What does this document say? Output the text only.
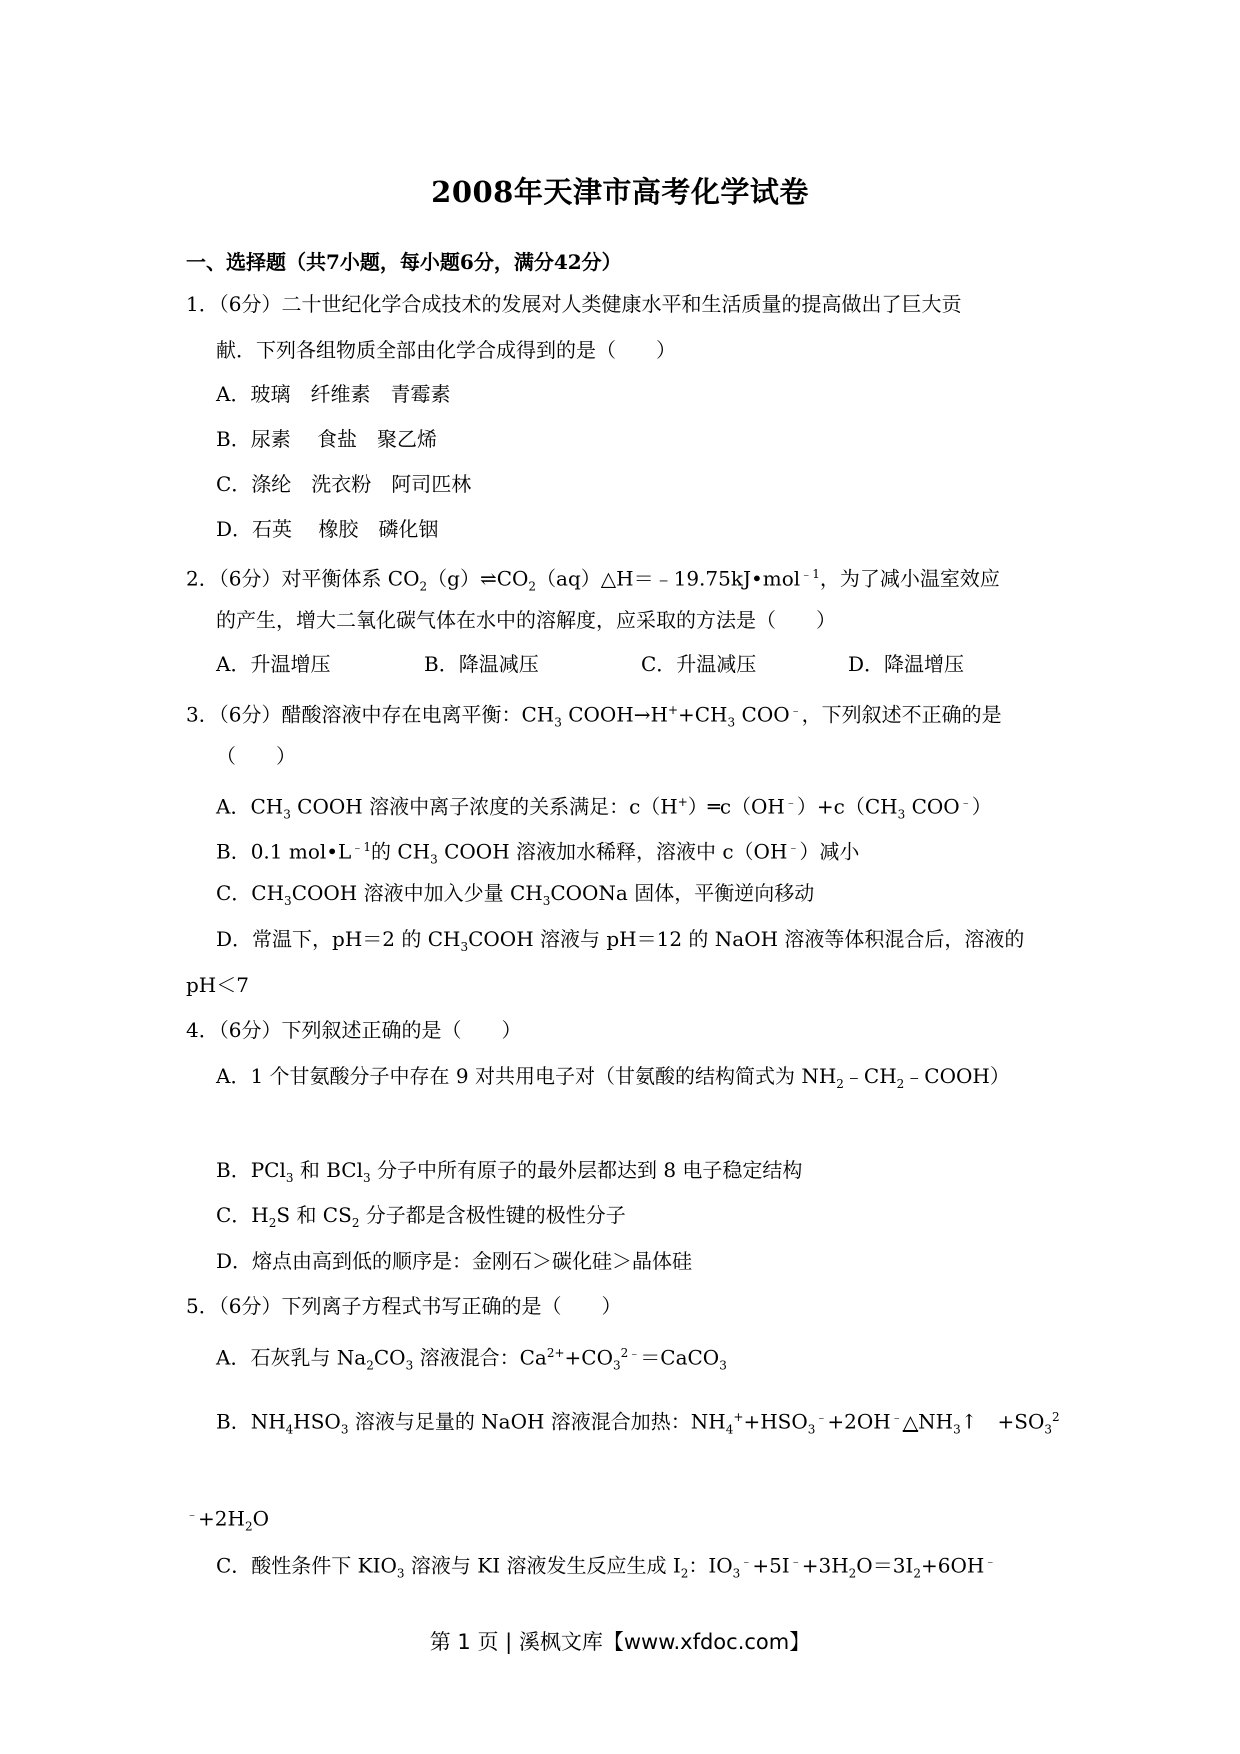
2008年天津市高考化学试卷
一、选择题（共7小题，每小题6分，满分42分）
1．（6分）二十世纪化学合成技术的发展对人类健康水平和生活质量的提高做出了巨大贡
献．下列各组物质全部由化学合成得到的是（　　）
A．玻璃　纤维素　青霉素
B．尿素　 食盐　聚乙烯
C．涤纶　洗衣粉　阿司匹林
D．石英　 橡胶　磷化铟
2．（6分）对平衡体系 $CO_2(g)\rightleftharpoons CO_2(aq)\triangle H=﹣19.75kJ•mol^{﹣1}$，为了减小温室效应
的产生，增大二氧化碳气体在水中的溶解度，应采取的方法是（　　）
A．升温增压	B．降温减压	C．升温减压	D．降温增压
3．（6分）醋酸溶液中存在电离平衡：$CH_3$ $COOH\to H^++CH_3$ COO﹣，下列叙述不正确的是
（　　）
A．$CH_3$ COOH 溶液中离子浓度的关系满足：$c(H^+)═c(OH^﹣)+c(CH_3$ COO﹣）
B．0.1 $mol•L^{﹣1}$的 $CH_3$ COOH 溶液加水稀释，溶液中 c（OH﹣）减小
C．$CH_3COOH$ 溶液中加入少量 $CH_3COONa$ 固体，平衡逆向移动
D．常温下，pH＝2 的 $CH_3COOH$ 溶液与 pH＝12 的 NaOH 溶液等体积混合后，溶液的
pH＜7
4．（6分）下列叙述正确的是（　　）
A．1 个甘氨酸分子中存在 9 对共用电子对（甘氨酸的结构简式为 $NH_2﹣CH_2﹣COOH$）
B．PCl$_3$ 和 BCl$_3$ 分子中所有原子的最外层都达到 8 电子稳定结构
C．$H_2S$ 和 $CS_2$ 分子都是含极性键的极性分子
D．熔点由高到低的顺序是：金刚石＞碳化硅＞晶体硅
5．（6分）下列离子方程式书写正确的是（　　）
A．石灰乳与 $Na_2CO_3$ 溶液混合：$Ca^{2+}+CO_3^{2﹣}=CaCO_3$
B．$NH_4HSO_3$ 溶液与足量的 NaOH 溶液混合加热：$NH_4^++HSO_3^﹣+2OH^﹣\triangle NH_3↑$　$+SO_3^2$
$^﹣+2H_2O$
C．酸性条件下 $KIO_3$ 溶液与 KI 溶液发生反应生成 $I_2$：$IO_3^﹣+5I^﹣+3H_2O=3I_2+6OH^﹣$
第 1 页 | 溪枫文库【www.xfdoc.com】
